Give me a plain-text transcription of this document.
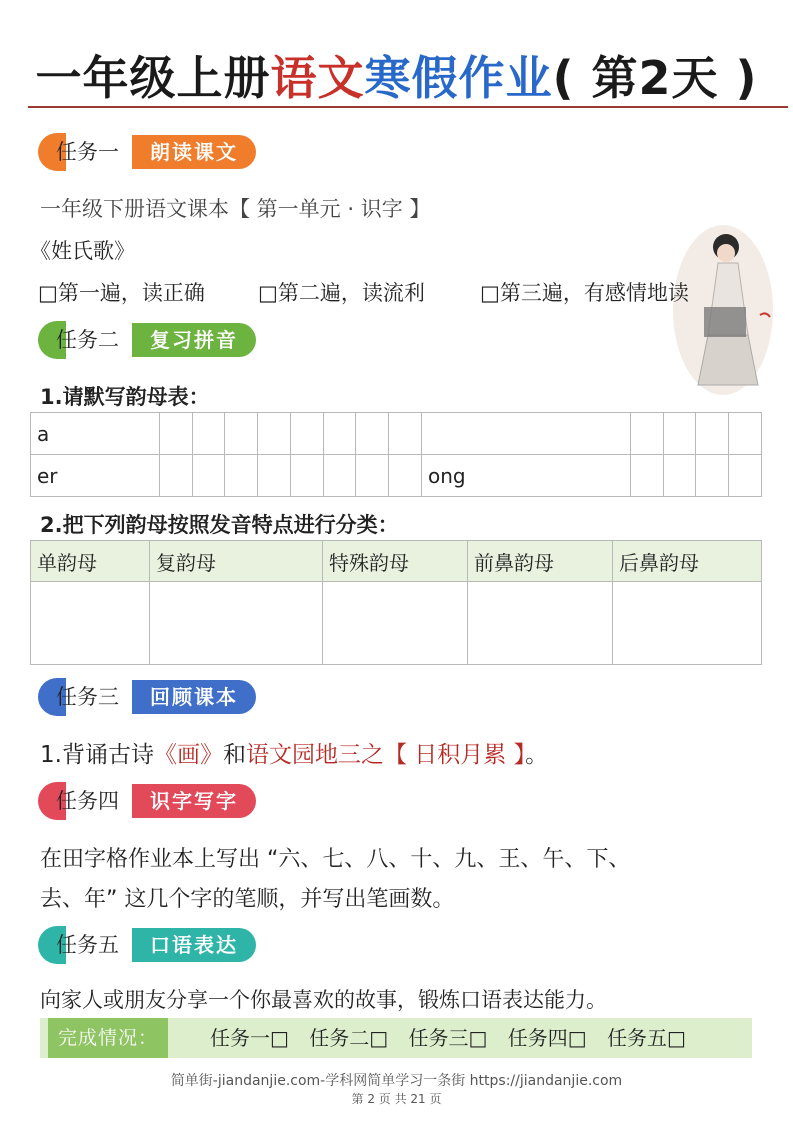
一年级上册语文寒假作业( 第2天 )
任务一	朗读课文
一年级下册语文课本【 第一单元 · 识字 】
《姓氏歌》
□第一遍，读正确	□第二遍，读流利	□第三遍，有感情地读
任务二	复习拼音
1.请默写韵母表：
a													
er									ong				
2.把下列韵母按照发音特点进行分类：
单韵母	复韵母	特殊韵母	前鼻韵母	后鼻韵母

任务三	回顾课本
1.背诵古诗《画》和语文园地三之【 日积月累 】。
任务四	识字写字
在田字格作业本上写出 “六、七、八、十、九、王、午、下、
去、年” 这几个字的笔顺，并写出笔画数。
任务五	口语表达
向家人或朋友分享一个你最喜欢的故事，锻炼口语表达能力。
完成情况：	任务一□ 任务二□ 任务三□ 任务四□ 任务五□
简单街-jiandanjie.com-学科网简单学习一条街 https://jiandanjie.com
第 2 页 共 21 页
